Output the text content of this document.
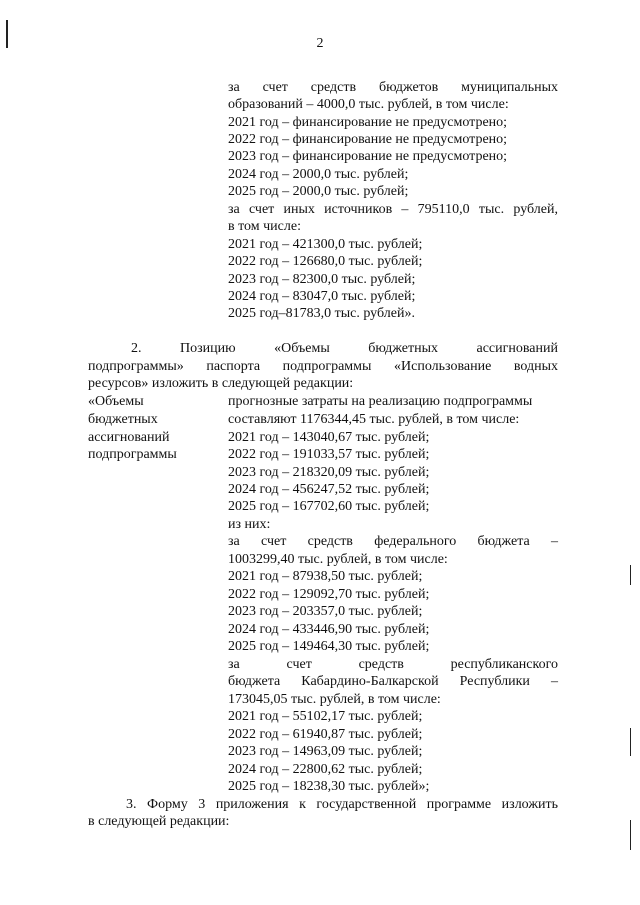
2
за счет средств бюджетов муниципальных
образований – 4000,0 тыс. рублей, в том числе:
2021 год – финансирование не предусмотрено;
2022 год – финансирование не предусмотрено;
2023 год – финансирование не предусмотрено;
2024 год – 2000,0 тыс. рублей;
2025 год – 2000,0 тыс. рублей;
за счет иных источников – 795110,0 тыс. рублей,
в том числе:
2021 год – 421300,0 тыс. рублей;
2022 год – 126680,0 тыс. рублей;
2023 год – 82300,0 тыс. рублей;
2024 год – 83047,0 тыс. рублей;
2025 год–81783,0 тыс. рублей».
2. Позицию «Объемы бюджетных ассигнований
подпрограммы» паспорта подпрограммы «Использование водных
ресурсов» изложить в следующей редакции:
«Объемы
бюджетных
ассигнований
подпрограммы
прогнозные затраты на реализацию подпрограммы
составляют 1176344,45 тыс. рублей, в том числе:
2021 год – 143040,67 тыс. рублей;
2022 год – 191033,57 тыс. рублей;
2023 год – 218320,09 тыс. рублей;
2024 год – 456247,52 тыс. рублей;
2025 год – 167702,60 тыс. рублей;
из них:
за счет средств федерального бюджета –
1003299,40 тыс. рублей, в том числе:
2021 год – 87938,50 тыс. рублей;
2022 год – 129092,70 тыс. рублей;
2023 год – 203357,0 тыс. рублей;
2024 год – 433446,90 тыс. рублей;
2025 год – 149464,30 тыс. рублей;
за счет средств республиканского
бюджета Кабардино-Балкарской Республики –
173045,05 тыс. рублей, в том числе:
2021 год – 55102,17 тыс. рублей;
2022 год – 61940,87 тыс. рублей;
2023 год – 14963,09 тыс. рублей;
2024 год – 22800,62 тыс. рублей;
2025 год – 18238,30 тыс. рублей»;
3. Форму 3 приложения к государственной программе изложить
в следующей редакции:
